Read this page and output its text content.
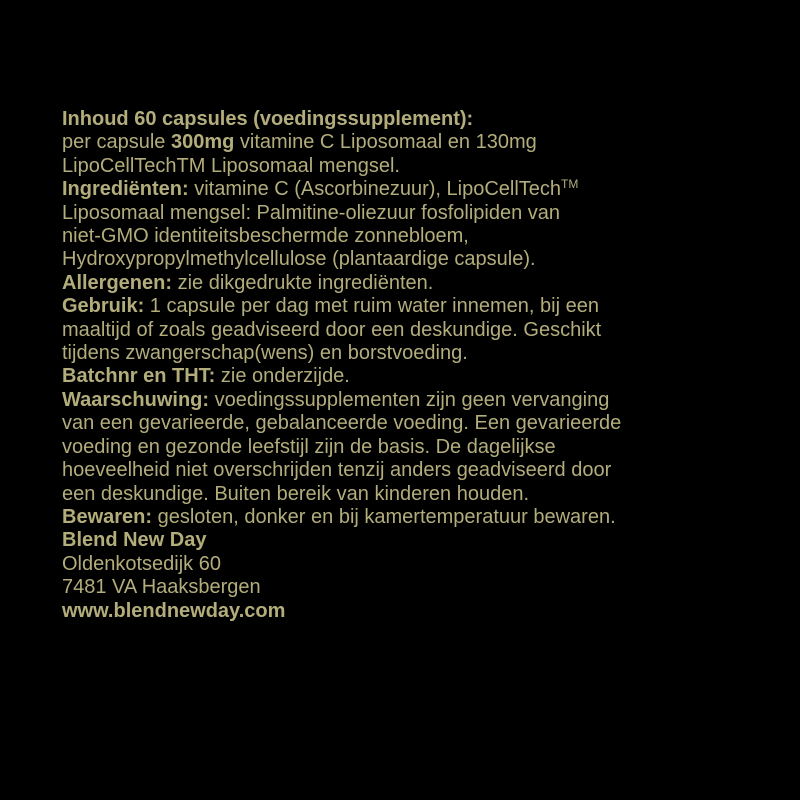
Inhoud 60 capsules (voedingssupplement):
per capsule 300mg vitamine C Liposomaal en 130mg
LipoCellTechTM Liposomaal mengsel.
Ingrediënten: vitamine C (Ascorbinezuur), LipoCellTech™
Liposomaal mengsel: Palmitine-oliezuur fosfolipiden van
niet-GMO identiteitsbeschermde zonnebloem,
Hydroxypropylmethylcellulose (plantaardige capsule).
Allergenen: zie dikgedrukte ingrediënten.
Gebruik: 1 capsule per dag met ruim water innemen, bij een
maaltijd of zoals geadviseerd door een deskundige. Geschikt
tijdens zwangerschap(wens) en borstvoeding.
Batchnr en THT: zie onderzijde.
Waarschuwing: voedingssupplementen zijn geen vervanging
van een gevarieerde, gebalanceerde voeding. Een gevarieerde
voeding en gezonde leefstijl zijn de basis. De dagelijkse
hoeveelheid niet overschrijden tenzij anders geadviseerd door
een deskundige. Buiten bereik van kinderen houden.
Bewaren: gesloten, donker en bij kamertemperatuur bewaren.
Blend New Day
Oldenkotsedijk 60
7481 VA Haaksbergen
www.blendnewday.com
